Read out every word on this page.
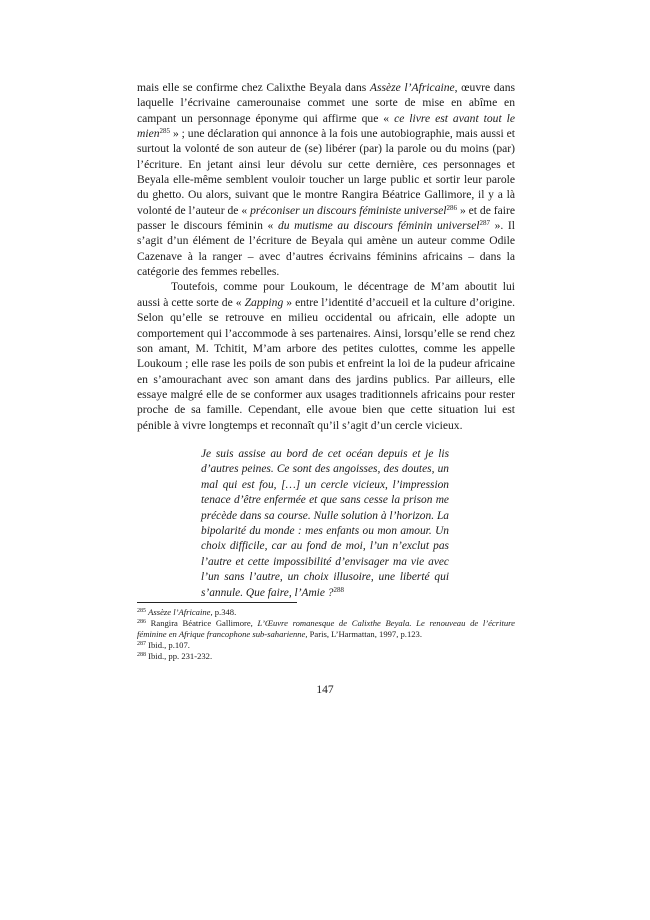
mais elle se confirme chez Calixthe Beyala dans Assèze l’Africaine, œuvre dans laquelle l’écrivaine camerounaise commet une sorte de mise en abîme en campant un personnage éponyme qui affirme que « ce livre est avant tout le mien$^{285}$ » ; une déclaration qui annonce à la fois une autobiographie, mais aussi et surtout la volonté de son auteur de (se) libérer (par) la parole ou du moins (par) l’écriture. En jetant ainsi leur dévolu sur cette dernière, ces personnages et Beyala elle-même semblent vouloir toucher un large public et sortir leur parole du ghetto. Ou alors, suivant que le montre Rangira Béatrice Gallimore, il y a là volonté de l’auteur de « préconiser un discours féministe universel$^{286}$ » et de faire passer le discours féminin « du mutisme au discours féminin universel$^{287}$ ». Il s’agit d’un élément de l’écriture de Beyala qui amène un auteur comme Odile Cazenave à la ranger – avec d’autres écrivains féminins africains – dans la catégorie des femmes rebelles.

Toutefois, comme pour Loukoum, le décentrage de M’am aboutit lui aussi à cette sorte de « Zapping » entre l’identité d’accueil et la culture d’origine. Selon qu’elle se retrouve en milieu occidental ou africain, elle adopte un comportement qui l’accommode à ses partenaires. Ainsi, lorsqu’elle se rend chez son amant, M. Tchitit, M’am arbore des petites culottes, comme les appelle Loukoum ; elle rase les poils de son pubis et enfreint la loi de la pudeur africaine en s’amourachant avec son amant dans des jardins publics. Par ailleurs, elle essaye malgré elle de se conformer aux usages traditionnels africains pour rester proche de sa famille. Cependant, elle avoue bien que cette situation lui est pénible à vivre longtemps et reconnaît qu’il s’agit d’un cercle vicieux.

Je suis assise au bord de cet océan depuis et je lis d’autres peines. Ce sont des angoisses, des doutes, un mal qui est fou, […] un cercle vicieux, l’impression tenace d’être enfermée et que sans cesse la prison me précède dans sa course. Nulle solution à l’horizon. La bipolarité du monde : mes enfants ou mon amour. Un choix difficile, car au fond de moi, l’un n’exclut pas l’autre et cette impossibilité d’envisager ma vie avec l’un sans l’autre, un choix illusoire, une liberté qui s’annule. Que faire, l’Amie ?$^{288}$

$^{285}$ Assèze l’Africaine, p.348.

$^{286}$ Rangira Béatrice Gallimore, L’Œuvre romanesque de Calixthe Beyala. Le renouveau de l’écriture féminine en Afrique francophone sub-saharienne, Paris, L’Harmattan, 1997, p.123.

$^{287}$ Ibid., p.107.

$^{288}$ Ibid., pp. 231-232.

147
